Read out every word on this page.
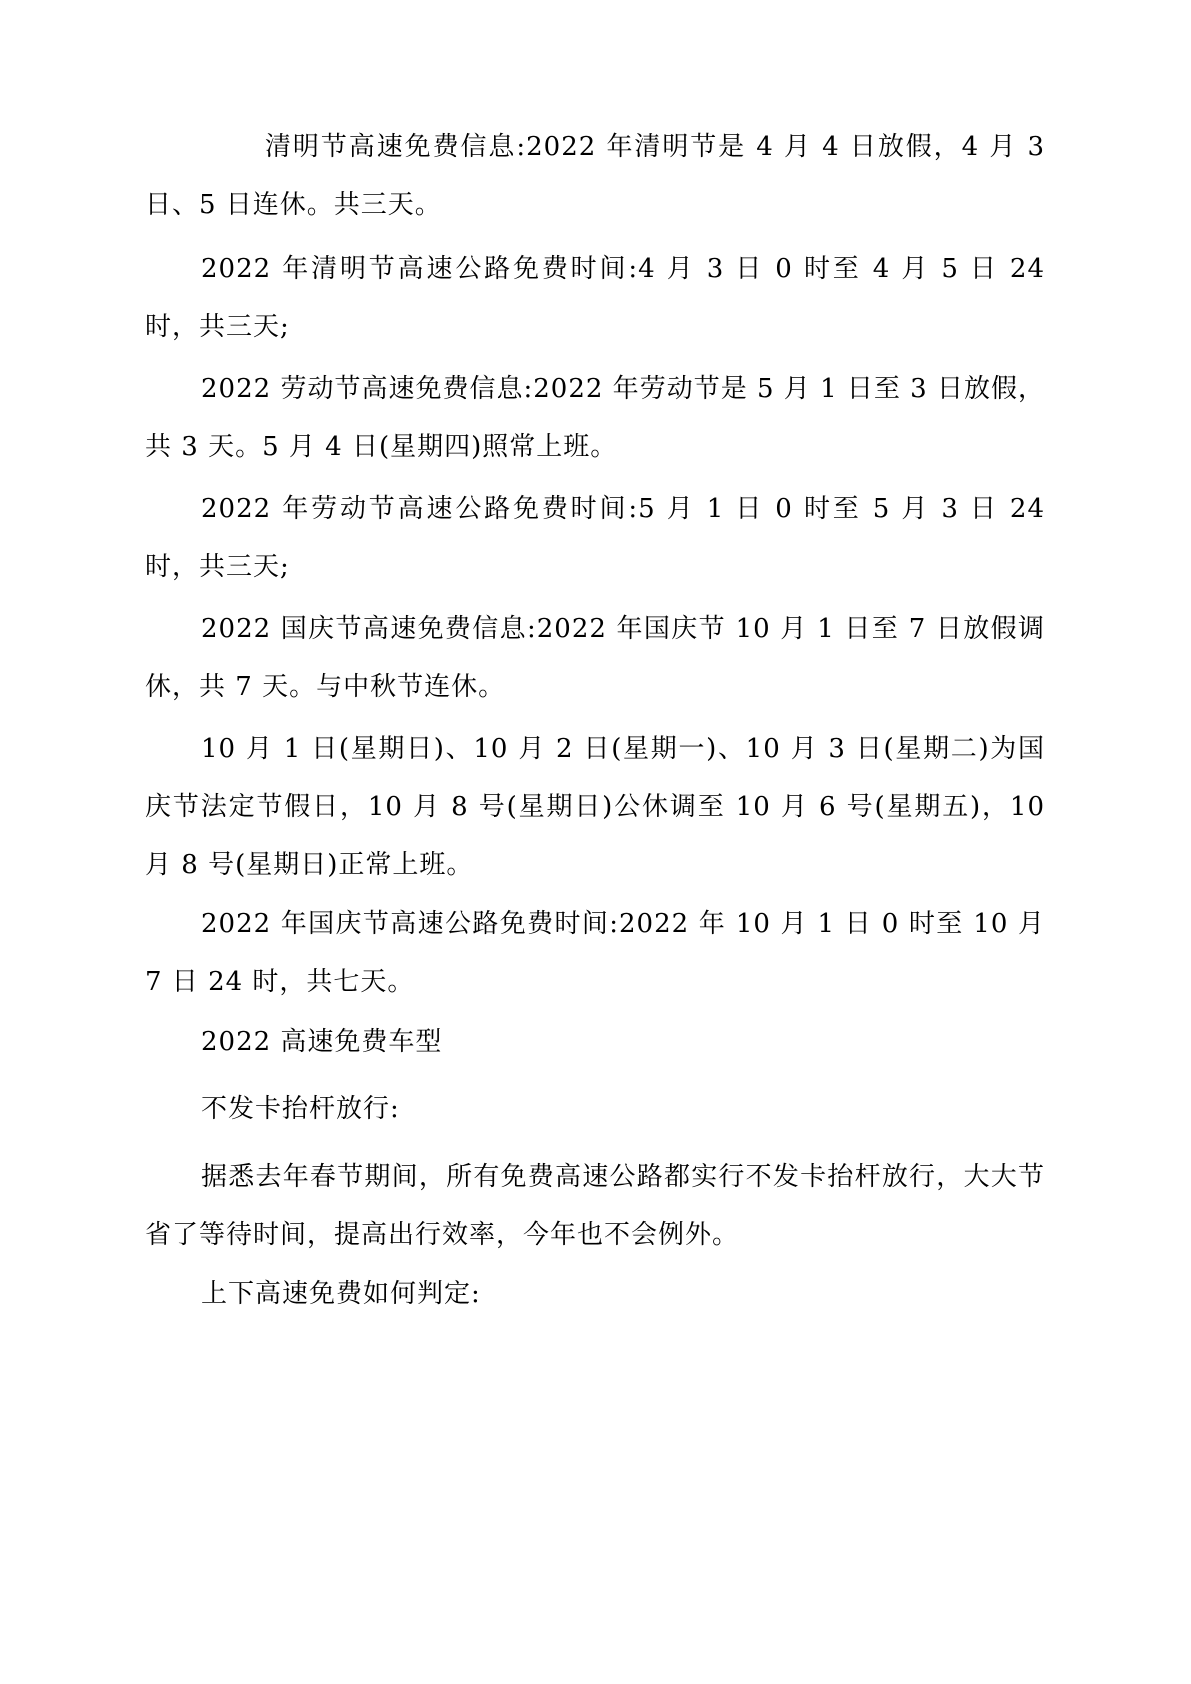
清明节高速免费信息:2022 年清明节是 4 月 4 日放假，4 月 3 日、5 日连休。共三天。

2022 年清明节高速公路免费时间:4 月 3 日 0 时至 4 月 5 日 24 时，共三天;

2022 劳动节高速免费信息:2022 年劳动节是 5 月 1 日至 3 日放假，共 3 天。5 月 4 日(星期四)照常上班。

2022 年劳动节高速公路免费时间:5 月 1 日 0 时至 5 月 3 日 24 时，共三天;

2022 国庆节高速免费信息:2022 年国庆节 10 月 1 日至 7 日放假调休，共 7 天。与中秋节连休。

10 月 1 日(星期日)、10 月 2 日(星期一)、10 月 3 日(星期二)为国庆节法定节假日，10 月 8 号(星期日)公休调至 10 月 6 号(星期五)，10 月 8 号(星期日)正常上班。

2022 年国庆节高速公路免费时间:2022 年 10 月 1 日 0 时至 10 月 7 日 24 时，共七天。

2022 高速免费车型

不发卡抬杆放行:

据悉去年春节期间，所有免费高速公路都实行不发卡抬杆放行，大大节省了等待时间，提高出行效率，今年也不会例外。

上下高速免费如何判定:
